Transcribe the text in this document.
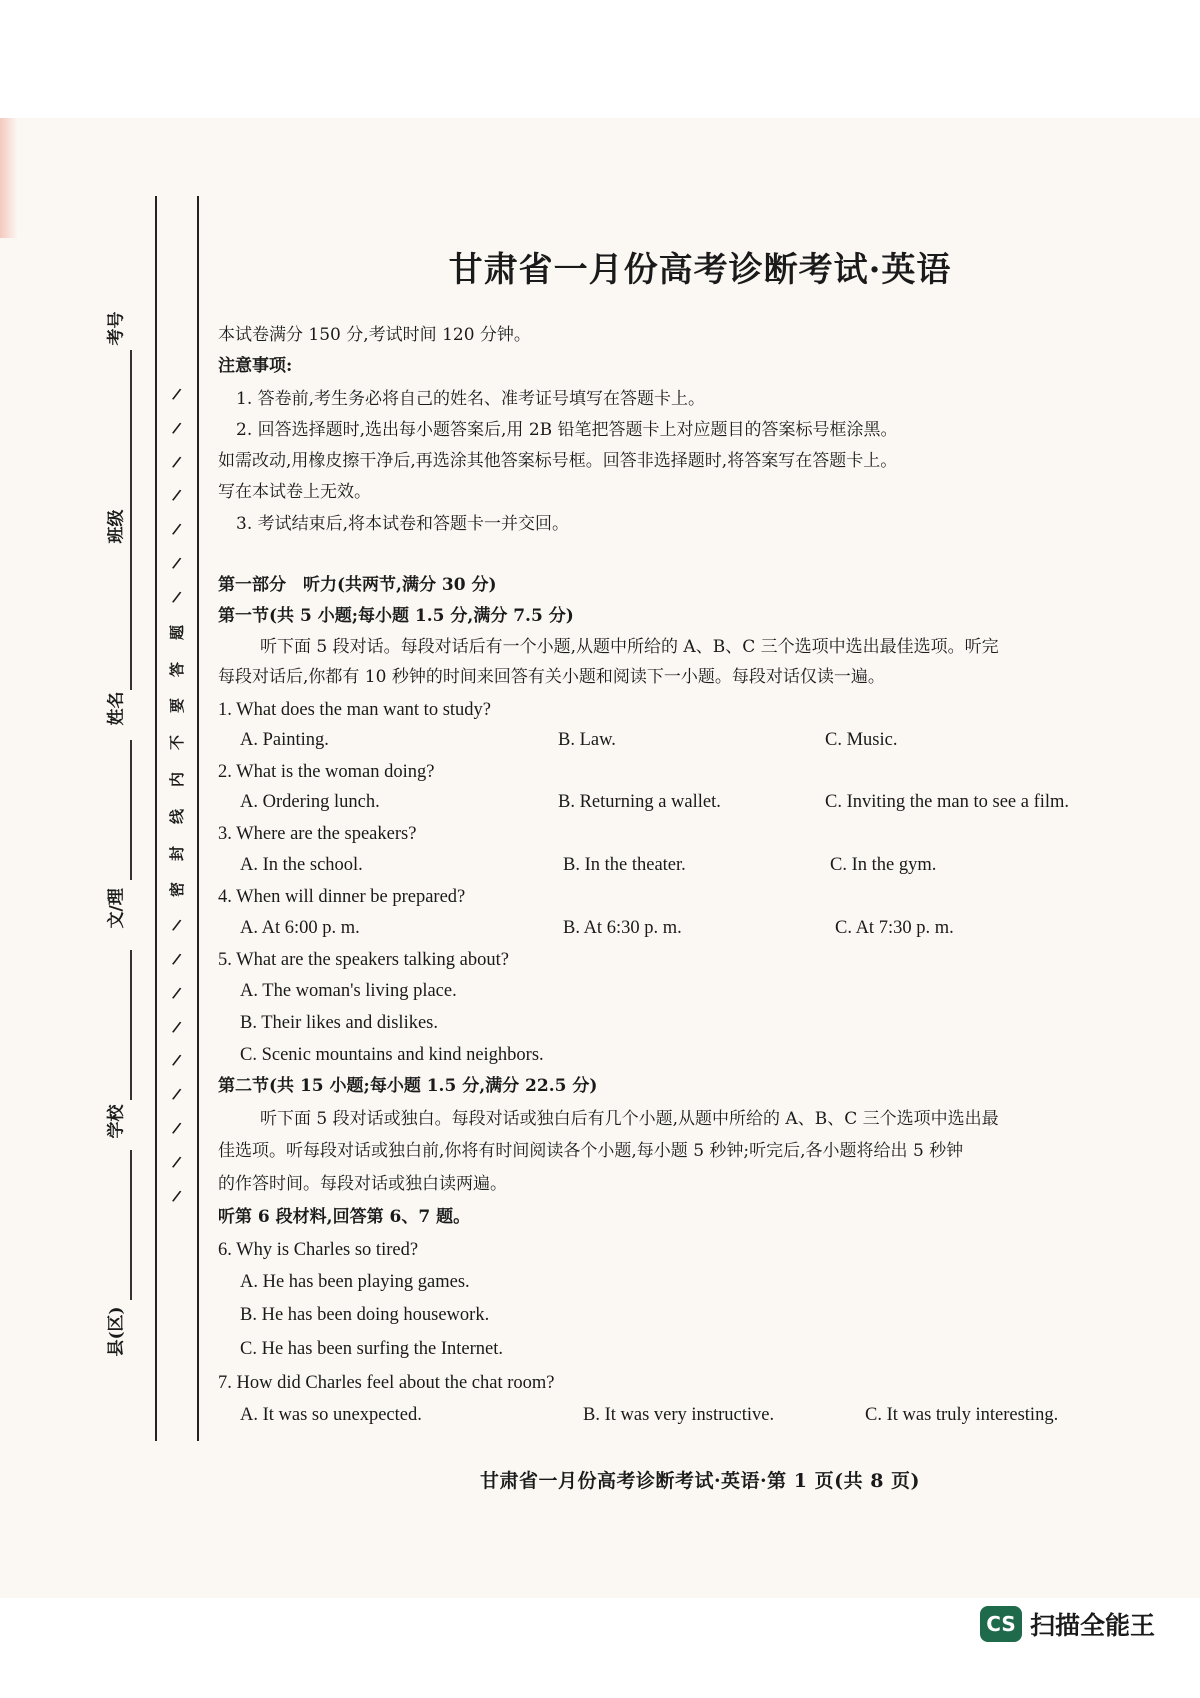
考号
班级
姓名
文/理
学校
县(区)
/
/
/
/
/
/
/
题
答
要
不
内
线
封
密
/
/
/
/
/
/
/
/
/
甘肃省一月份高考诊断考试·英语
本试卷满分 150 分,考试时间 120 分钟。
注意事项:
1. 答卷前,考生务必将自己的姓名、准考证号填写在答题卡上。
2. 回答选择题时,选出每小题答案后,用 2B 铅笔把答题卡上对应题目的答案标号框涂黑。
如需改动,用橡皮擦干净后,再选涂其他答案标号框。回答非选择题时,将答案写在答题卡上。
写在本试卷上无效。
3. 考试结束后,将本试卷和答题卡一并交回。
第一部分　听力(共两节,满分 30 分)
第一节(共 5 小题;每小题 1.5 分,满分 7.5 分)
听下面 5 段对话。每段对话后有一个小题,从题中所给的 A、B、C 三个选项中选出最佳选项。听完
每段对话后,你都有 10 秒钟的时间来回答有关小题和阅读下一小题。每段对话仅读一遍。
1. What does the man want to study?
A. Painting.	B. Law.	C. Music.
2. What is the woman doing?
A. Ordering lunch.	B. Returning a wallet.	C. Inviting the man to see a film.
3. Where are the speakers?
A. In the school.	B. In the theater.	C. In the gym.
4. When will dinner be prepared?
A. At 6:00 p. m.	B. At 6:30 p. m.	C. At 7:30 p. m.
5. What are the speakers talking about?
A. The woman's living place.
B. Their likes and dislikes.
C. Scenic mountains and kind neighbors.
第二节(共 15 小题;每小题 1.5 分,满分 22.5 分)
听下面 5 段对话或独白。每段对话或独白后有几个小题,从题中所给的 A、B、C 三个选项中选出最
佳选项。听每段对话或独白前,你将有时间阅读各个小题,每小题 5 秒钟;听完后,各小题将给出 5 秒钟
的作答时间。每段对话或独白读两遍。
听第 6 段材料,回答第 6、7 题。
6. Why is Charles so tired?
A. He has been playing games.
B. He has been doing housework.
C. He has been surfing the Internet.
7. How did Charles feel about the chat room?
A. It was so unexpected.	B. It was very instructive.	C. It was truly interesting.
甘肃省一月份高考诊断考试·英语·第 1 页(共 8 页)
CS 扫描全能王
